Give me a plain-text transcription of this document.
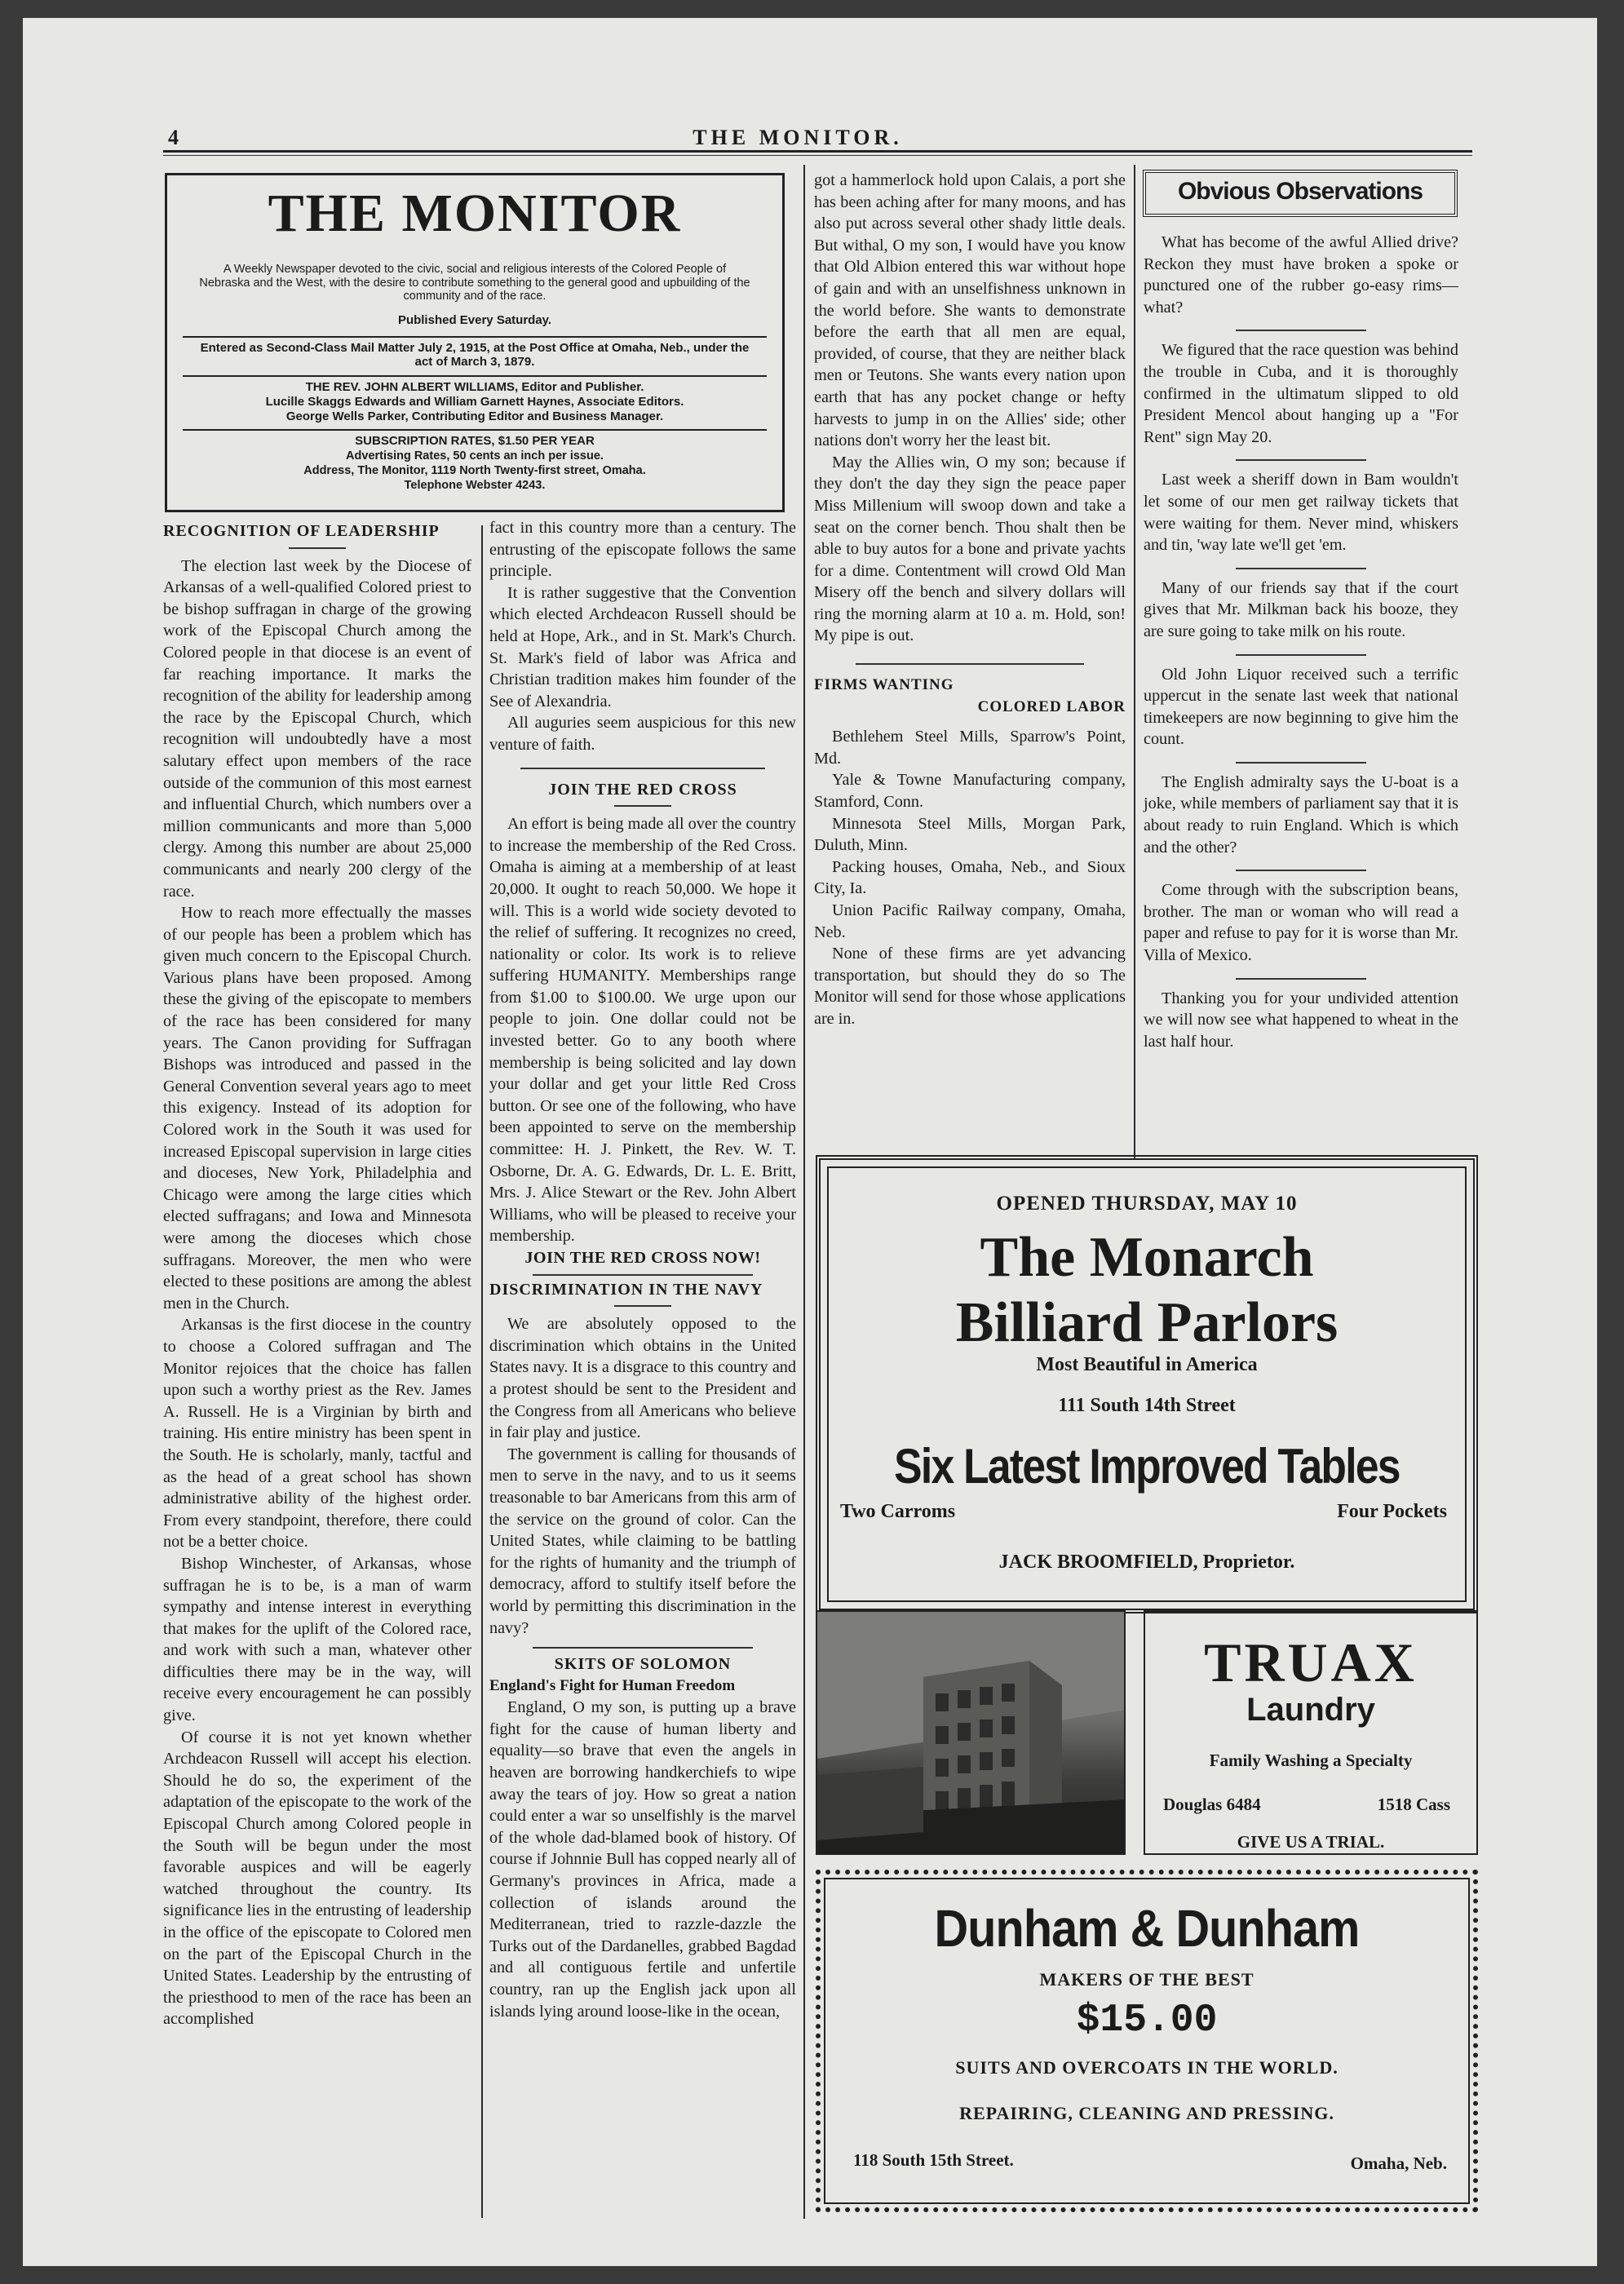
4	THE MONITOR.
THE MONITOR
A Weekly Newspaper devoted to the civic, social and religious interests of the Colored People of Nebraska and the West, with the desire to contribute something to the general good and upbuilding of the community and of the race.
Published Every Saturday.
Entered as Second-Class Mail Matter July 2, 1915, at the Post Office at Omaha, Neb., under the act of March 3, 1879.
THE REV. JOHN ALBERT WILLIAMS, Editor and Publisher.
Lucille Skaggs Edwards and William Garnett Haynes, Associate Editors.
George Wells Parker, Contributing Editor and Business Manager.
SUBSCRIPTION RATES, $1.50 PER YEAR
Advertising Rates, 50 cents an inch per issue.
Address, The Monitor, 1119 North Twenty-first street, Omaha.
Telephone Webster 4243.
RECOGNITION OF LEADERSHIP

The election last week by the Diocese of Arkansas of a well-qualified Colored priest to be bishop suffragan in charge of the growing work of the Episcopal Church among the Colored people in that diocese is an event of far reaching importance. It marks the recognition of the ability for leadership among the race by the Episcopal Church, which recognition will undoubtedly have a most salutary effect upon members of the race outside of the communion of this most earnest and influential Church, which numbers over a million communicants and more than 5,000 clergy. Among this number are about 25,000 communicants and nearly 200 clergy of the race.

How to reach more effectually the masses of our people has been a problem which has given much concern to the Episcopal Church. Various plans have been proposed. Among these the giving of the episcopate to members of the race has been considered for many years. The Canon providing for Suffragan Bishops was introduced and passed in the General Convention several years ago to meet this exigency. Instead of its adoption for Colored work in the South it was used for increased Episcopal supervision in large cities and dioceses, New York, Philadelphia and Chicago were among the large cities which elected suffragans; and Iowa and Minnesota were among the dioceses which chose suffragans. Moreover, the men who were elected to these positions are among the ablest men in the Church.

Arkansas is the first diocese in the country to choose a Colored suffragan and The Monitor rejoices that the choice has fallen upon such a worthy priest as the Rev. James A. Russell. He is a Virginian by birth and training. His entire ministry has been spent in the South. He is scholarly, manly, tactful and as the head of a great school has shown administrative ability of the highest order. From every standpoint, therefore, there could not be a better choice.

Bishop Winchester, of Arkansas, whose suffragan he is to be, is a man of warm sympathy and intense interest in everything that makes for the uplift of the Colored race, and work with such a man, whatever other difficulties there may be in the way, will receive every encouragement he can possibly give.

Of course it is not yet known whether Archdeacon Russell will accept his election. Should he do so, the experiment of the adaptation of the episcopate to the work of the Episcopal Church among Colored people in the South will be begun under the most favorable auspices and will be eagerly watched throughout the country. Its significance lies in the entrusting of leadership in the office of the episcopate to Colored men on the part of the Episcopal Church in the United States. Leadership by the entrusting of the priesthood to men of the race has been an accomplished

fact in this country more than a century. The entrusting of the episcopate follows the same principle.

It is rather suggestive that the Convention which elected Archdeacon Russell should be held at Hope, Ark., and in St. Mark's Church. St. Mark's field of labor was Africa and Christian tradition makes him founder of the See of Alexandria.

All auguries seem auspicious for this new venture of faith.

JOIN THE RED CROSS

An effort is being made all over the country to increase the membership of the Red Cross. Omaha is aiming at a membership of at least 20,000. It ought to reach 50,000. We hope it will. This is a world wide society devoted to the relief of suffering. It recognizes no creed, nationality or color. Its work is to relieve suffering HUMANITY. Memberships range from $1.00 to $100.00. We urge upon our people to join. One dollar could not be invested better. Go to any booth where membership is being solicited and lay down your dollar and get your little Red Cross button. Or see one of the following, who have been appointed to serve on the membership committee: H. J. Pinkett, the Rev. W. T. Osborne, Dr. A. G. Edwards, Dr. L. E. Britt, Mrs. J. Alice Stewart or the Rev. John Albert Williams, who will be pleased to receive your membership.

JOIN THE RED CROSS NOW!

DISCRIMINATION IN THE NAVY

We are absolutely opposed to the discrimination which obtains in the United States navy. It is a disgrace to this country and a protest should be sent to the President and the Congress from all Americans who believe in fair play and justice.

The government is calling for thousands of men to serve in the navy, and to us it seems treasonable to bar Americans from this arm of the service on the ground of color. Can the United States, while claiming to be battling for the rights of humanity and the triumph of democracy, afford to stultify itself before the world by permitting this discrimination in the navy?

SKITS OF SOLOMON

England's Fight for Human Freedom

England, O my son, is putting up a brave fight for the cause of human liberty and equality—so brave that even the angels in heaven are borrowing handkerchiefs to wipe away the tears of joy. How so great a nation could enter a war so unselfishly is the marvel of the whole dad-blamed book of history. Of course if Johnnie Bull has copped nearly all of Germany's provinces in Africa, made a collection of islands around the Mediterranean, tried to razzle-dazzle the Turks out of the Dardanelles, grabbed Bagdad and all contiguous fertile and unfertile country, ran up the English jack upon all islands lying around loose-like in the ocean,

got a hammerlock hold upon Calais, a port she has been aching after for many moons, and has also put across several other shady little deals. But withal, O my son, I would have you know that Old Albion entered this war without hope of gain and with an unselfishness unknown in the world before. She wants to demonstrate before the earth that all men are equal, provided, of course, that they are neither black men or Teutons. She wants every nation upon earth that has any pocket change or hefty harvests to jump in on the Allies' side; other nations don't worry her the least bit.

May the Allies win, O my son; because if they don't the day they sign the peace paper Miss Millenium will swoop down and take a seat on the corner bench. Thou shalt then be able to buy autos for a bone and private yachts for a dime. Contentment will crowd Old Man Misery off the bench and silvery dollars will ring the morning alarm at 10 a. m. Hold, son! My pipe is out.

FIRMS WANTING

COLORED LABOR

Bethlehem Steel Mills, Sparrow's Point, Md.

Yale & Towne Manufacturing company, Stamford, Conn.

Minnesota Steel Mills, Morgan Park, Duluth, Minn.

Packing houses, Omaha, Neb., and Sioux City, Ia.

Union Pacific Railway company, Omaha, Neb.

None of these firms are yet advancing transportation, but should they do so The Monitor will send for those whose applications are in.

Obvious Observations

What has become of the awful Allied drive? Reckon they must have broken a spoke or punctured one of the rubber go-easy rims—what?

We figured that the race question was behind the trouble in Cuba, and it is thoroughly confirmed in the ultimatum slipped to old President Mencol about hanging up a "For Rent" sign May 20.

Last week a sheriff down in Bam wouldn't let some of our men get railway tickets that were waiting for them. Never mind, whiskers and tin, 'way late we'll get 'em.

Many of our friends say that if the court gives that Mr. Milkman back his booze, they are sure going to take milk on his route.

Old John Liquor received such a terrific uppercut in the senate last week that national timekeepers are now beginning to give him the count.

The English admiralty says the U-boat is a joke, while members of parliament say that it is about ready to ruin England. Which is which and the other?

Come through with the subscription beans, brother. The man or woman who will read a paper and refuse to pay for it is worse than Mr. Villa of Mexico.

Thanking you for your undivided attention we will now see what happened to wheat in the last half hour.

OPENED THURSDAY, MAY 10
The Monarch
Billiard Parlors
Most Beautiful in America
111 South 14th Street
Six Latest Improved Tables
Two Carroms	Four Pockets
JACK BROOMFIELD, Proprietor.
TRUAX
Laundry
Family Washing a Specialty
Douglas 6484	1518 Cass
GIVE US A TRIAL.
Dunham & Dunham
MAKERS OF THE BEST
$15.00
SUITS AND OVERCOATS IN THE WORLD.
REPAIRING, CLEANING AND PRESSING.
118 South 15th Street.	Omaha, Neb.
